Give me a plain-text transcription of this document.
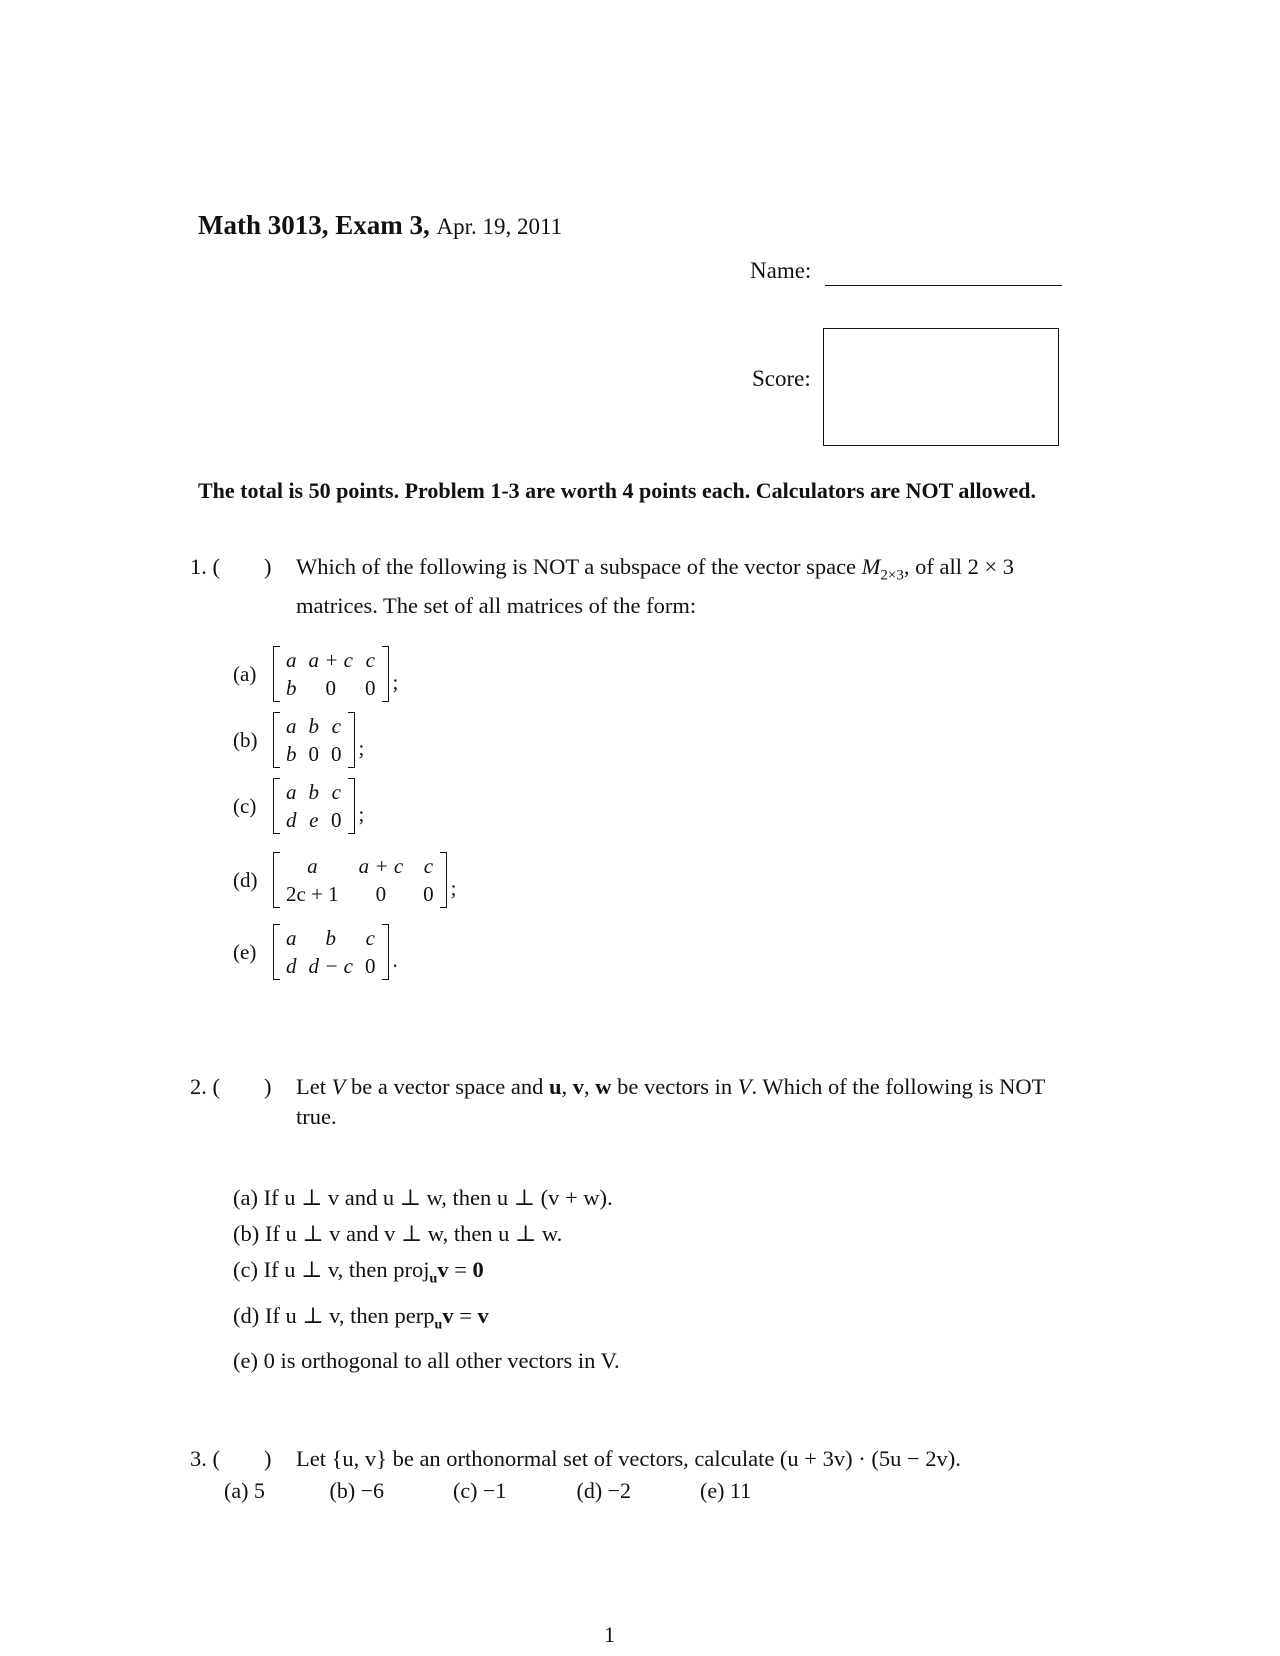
Math 3013, Exam 3, Apr. 19, 2011
Name:
Score:
The total is 50 points. Problem 1-3 are worth 4 points each. Calculators are NOT allowed.
1. ( )	Which of the following is NOT a subspace of the vector space $M_{2\times 3}$, of all 2 × 3 matrices. The set of all matrices of the form:
(a)
a	a + c	c
b	0	0 ;
(b)
a	b	c
b	0	0 ;
(c)
a	b	c
d	e	0 ;
(d)
a	a + c	c
2c + 1	0	0 ;
(e)
a	b	c
d	d − c	0 .
2. ( )	Let V be a vector space and u, v, w be vectors in V. Which of the following is NOT true.
(a) If u ⊥ v and u ⊥ w, then u ⊥ (v + w).
(b) If u ⊥ v and v ⊥ w, then u ⊥ w.
(c) If u ⊥ v, then proj$_u$v = 0
(d) If u ⊥ v, then perp$_u$v = v
(e) 0 is orthogonal to all other vectors in V.
3. ( )	Let {u, v} be an orthonormal set of vectors, calculate (u + 3v) · (5u − 2v).
(a) 5	(b) −6	(c) −1	(d) −2	(e) 11
1
